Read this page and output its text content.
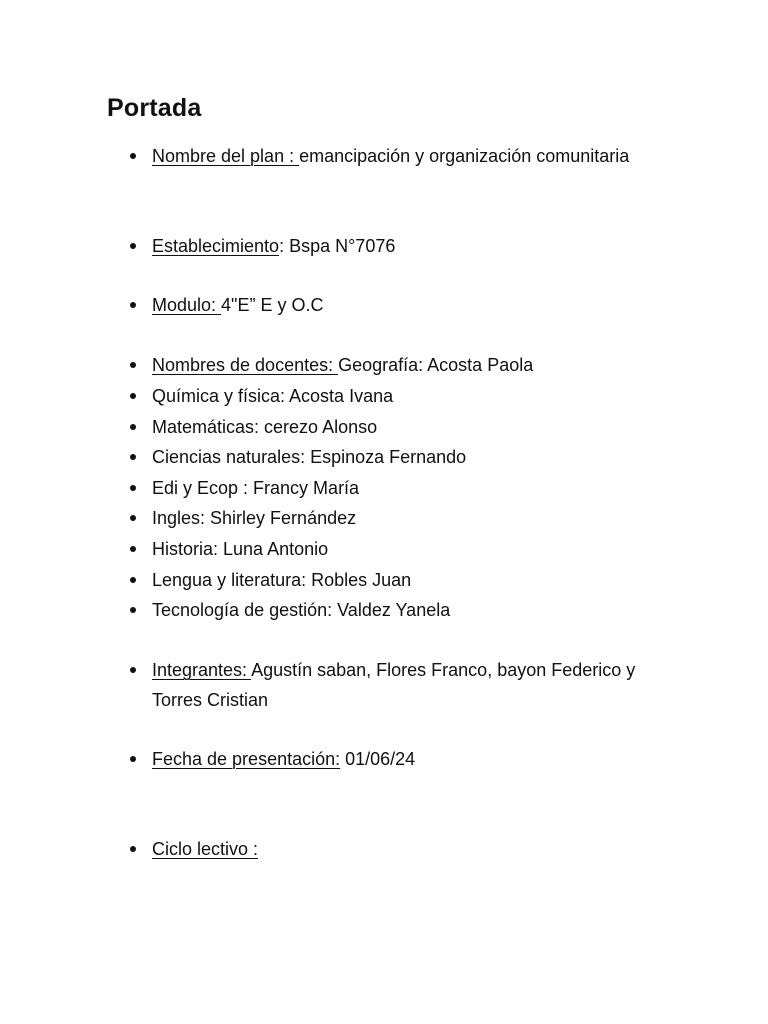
Portada

Nombre del plan : emancipación y organización comunitaria

Establecimiento: Bspa N°7076

Modulo: 4"E” E y O.C

Nombres de docentes: Geografía: Acosta Paola

Química y física: Acosta Ivana

Matemáticas: cerezo Alonso

Ciencias naturales: Espinoza Fernando

Edi y Ecop : Francy María

Ingles: Shirley Fernández

Historia: Luna Antonio

Lengua y literatura: Robles Juan

Tecnología de gestión: Valdez Yanela

Integrantes: Agustín saban, Flores Franco, bayon Federico y Torres Cristian

Fecha de presentación: 01/06/24

Ciclo lectivo :
